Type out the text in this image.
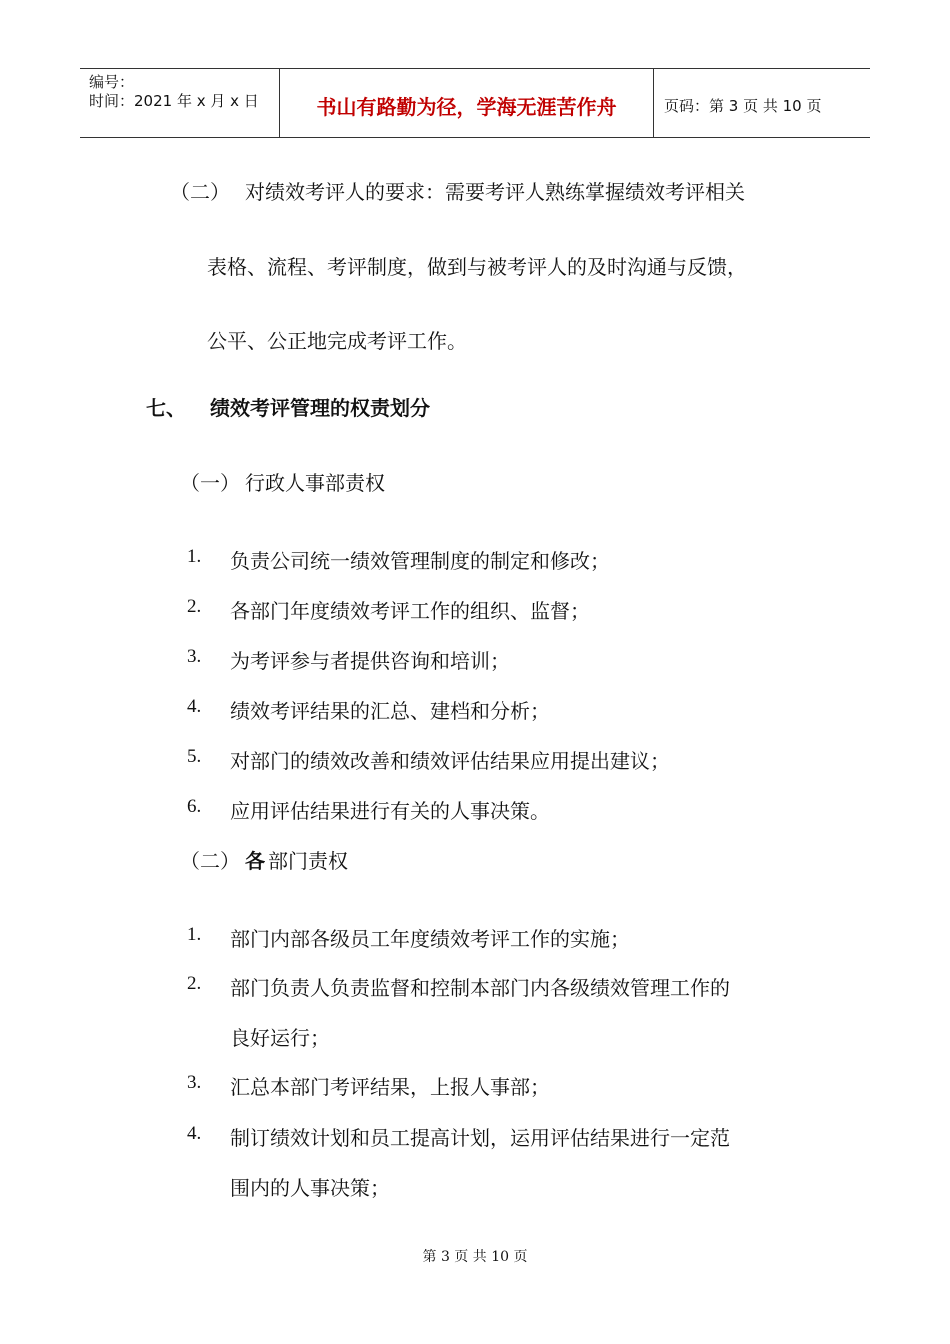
编号：
时间：2021 年 x 月 x 日	书山有路勤为径，学海无涯苦作舟	页码：第 3 页 共 10 页
（二） 对绩效考评人的要求：需要考评人熟练掌握绩效考评相关
表格、流程、考评制度，做到与被考评人的及时沟通与反馈，
公平、公正地完成考评工作。
七、 绩效考评管理的权责划分
（一） 行政人事部责权
1. 负责公司统一绩效管理制度的制定和修改；
2. 各部门年度绩效考评工作的组织、监督；
3. 为考评参与者提供咨询和培训；
4. 绩效考评结果的汇总、建档和分析；
5. 对部门的绩效改善和绩效评估结果应用提出建议；
6. 应用评估结果进行有关的人事决策。
（二） 各 部门责权
1. 部门内部各级员工年度绩效考评工作的实施；
2. 部门负责人负责监督和控制本部门内各级绩效管理工作的
良好运行；
3. 汇总本部门考评结果，上报人事部；
4. 制订绩效计划和员工提高计划，运用评估结果进行一定范
围内的人事决策；
第 3 页 共 10 页
